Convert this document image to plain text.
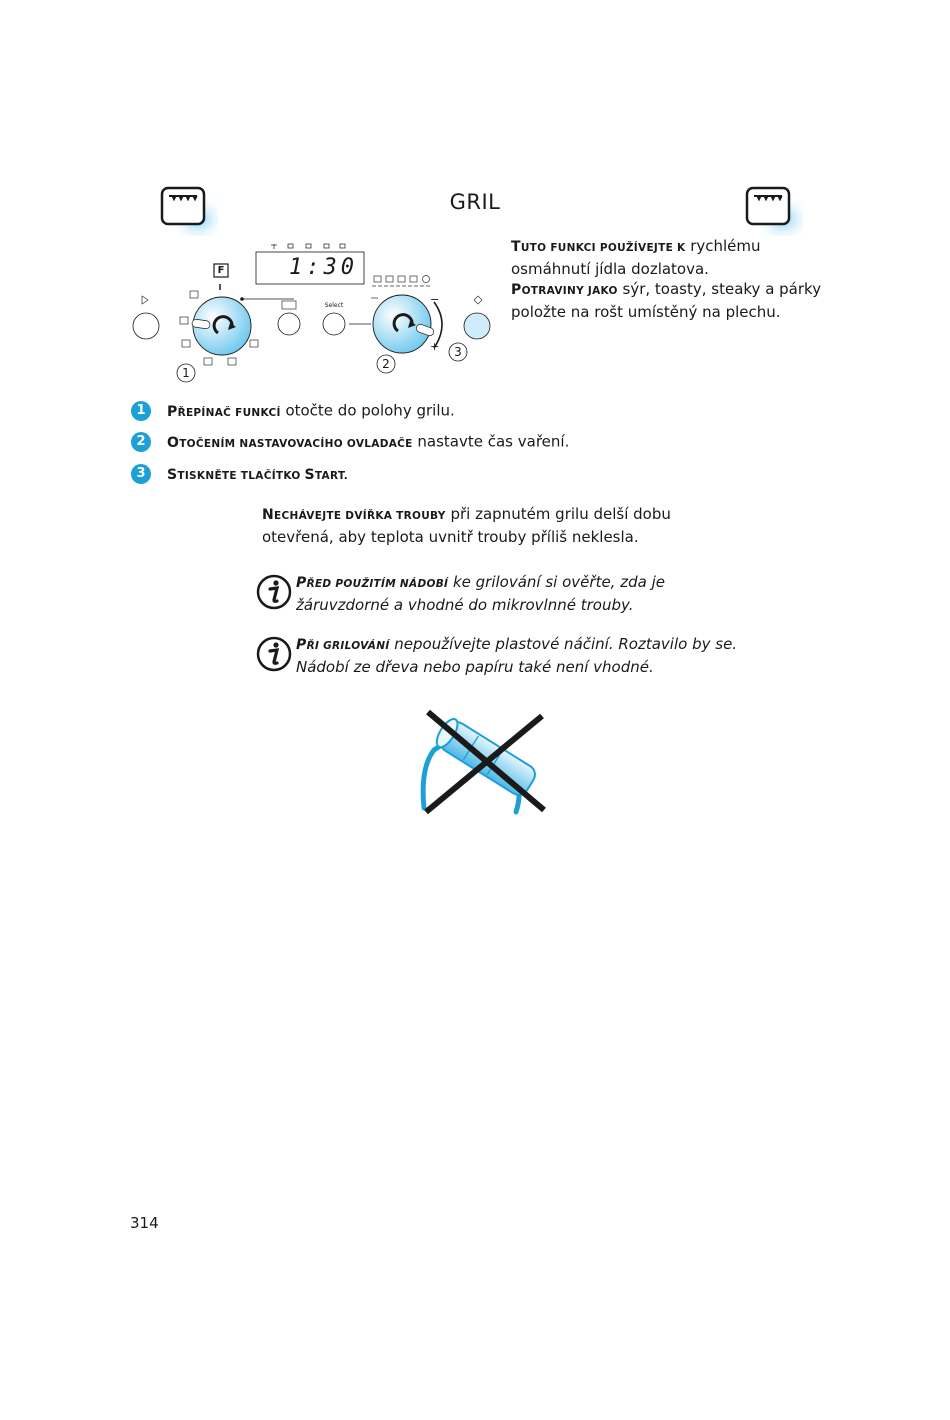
GRIL
1:30
F
Select	−
+
1
2
3
TUTO FUNKCI POUŽÍVEJTE K rychlému osmáhnutí jídla dozlatova.
POTRAVINY JAKO sýr, toasty, steaky a párky položte na rošt umístěný na plechu.
1 PŘEPÍNAČ FUNKCÍ otočte do polohy grilu.
2 OTOČENÍM NASTAVOVACÍHO OVLADAČE nastavte čas vaření.
3 STISKNĚTE TLAČÍTKO START.
NECHÁVEJTE DVÍŘKA TROUBY při zapnutém grilu delší dobu otevřená, aby teplota uvnitř trouby příliš neklesla.
PŘED POUŽITÍM NÁDOBÍ ke grilování si ověřte, zda je žáruvzdorné a vhodné do mikrovlnné trouby.
PŘI GRILOVÁNÍ nepoužívejte plastové náčiní. Roztavilo by se. Nádobí ze dřeva nebo papíru také není vhodné.
314
